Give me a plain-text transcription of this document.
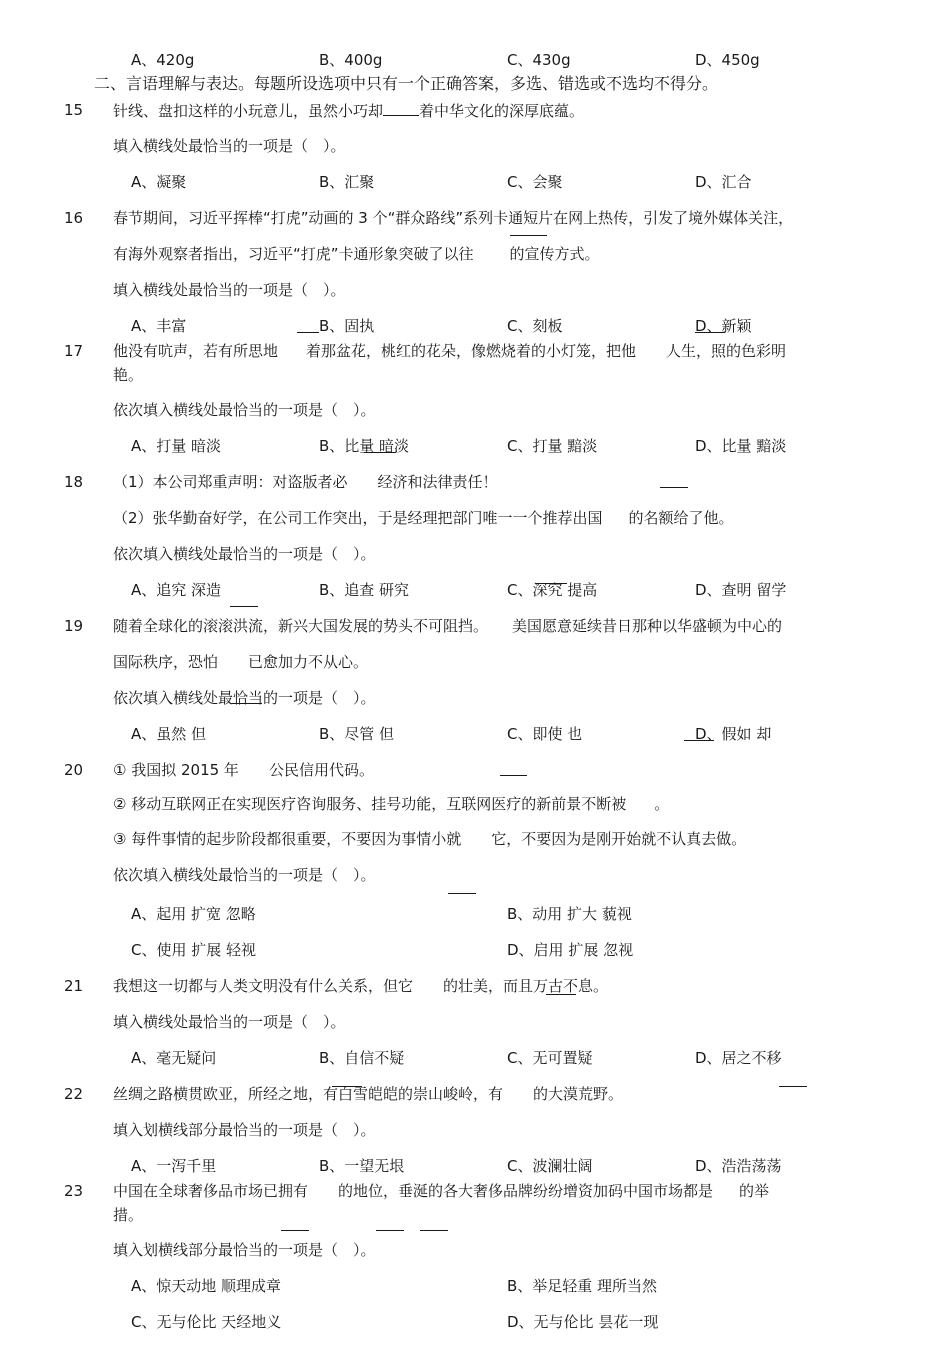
A、420g	B、400g	C、430g	D、450g
二、言语理解与表达。每题所设选项中只有一个正确答案，多选、错选或不选均不得分。
15 针线、盘扣这样的小玩意儿，虽然小巧却 着中华文化的深厚底蕴。
填入横线处最恰当的一项是（　）。
A、凝聚	B、汇聚	C、会聚	D、汇合
16 春节期间，习近平挥棒“打虎”动画的 3 个“群众路线”系列卡通短片在网上热传，引发了境外媒体关注，
有海外观察者指出，习近平“打虎”卡通形象突破了以往 的宣传方式。
填入横线处最恰当的一项是（　）。
A、丰富	B、固执	C、刻板	D、新颖
17 他没有吭声，若有所思地 着那盆花，桃红的花朵，像燃烧着的小灯笼，把他 人生，照的色彩明
艳。
依次填入横线处最恰当的一项是（　）。
A、打量 暗淡	B、比量 暗淡	C、打量 黯淡	D、比量 黯淡
18 （1）本公司郑重声明：对盗版者必 经济和法律责任！
（2）张华勤奋好学，在公司工作突出，于是经理把部门唯一一个推荐出国 的名额给了他。
依次填入横线处最恰当的一项是（　）。
A、追究 深造	B、追查 研究	C、深究 提高	D、查明 留学
19 随着全球化的滚滚洪流，新兴大国发展的势头不可阻挡。 美国愿意延续昔日那种以华盛顿为中心的
国际秩序，恐怕 已愈加力不从心。
依次填入横线处最恰当的一项是（　）。
A、虽然 但	B、尽管 但	C、即使 也	D、假如 却
20 ① 我国拟 2015 年 公民信用代码。
② 移动互联网正在实现医疗咨询服务、挂号功能，互联网医疗的新前景不断被 。
③ 每件事情的起步阶段都很重要，不要因为事情小就 它，不要因为是刚开始就不认真去做。
依次填入横线处最恰当的一项是（　）。
A、起用 扩宽 忽略	B、动用 扩大 藐视
C、使用 扩展 轻视	D、启用 扩展 忽视
21 我想这一切都与人类文明没有什么关系，但它 的壮美，而且万古不息。
填入横线处最恰当的一项是（　）。
A、毫无疑问	B、自信不疑	C、无可置疑	D、居之不移
22 丝绸之路横贯欧亚，所经之地，有白雪皑皑的崇山峻岭，有 的大漠荒野。
填入划横线部分最恰当的一项是（　）。
A、一泻千里	B、一望无垠	C、波澜壮阔	D、浩浩荡荡
23 中国在全球奢侈品市场已拥有 的地位，垂涎的各大奢侈品牌纷纷增资加码中国市场都是 的举
措。
填入划横线部分最恰当的一项是（　）。
A、惊天动地 顺理成章	B、举足轻重 理所当然
C、无与伦比 天经地义	D、无与伦比 昙花一现
